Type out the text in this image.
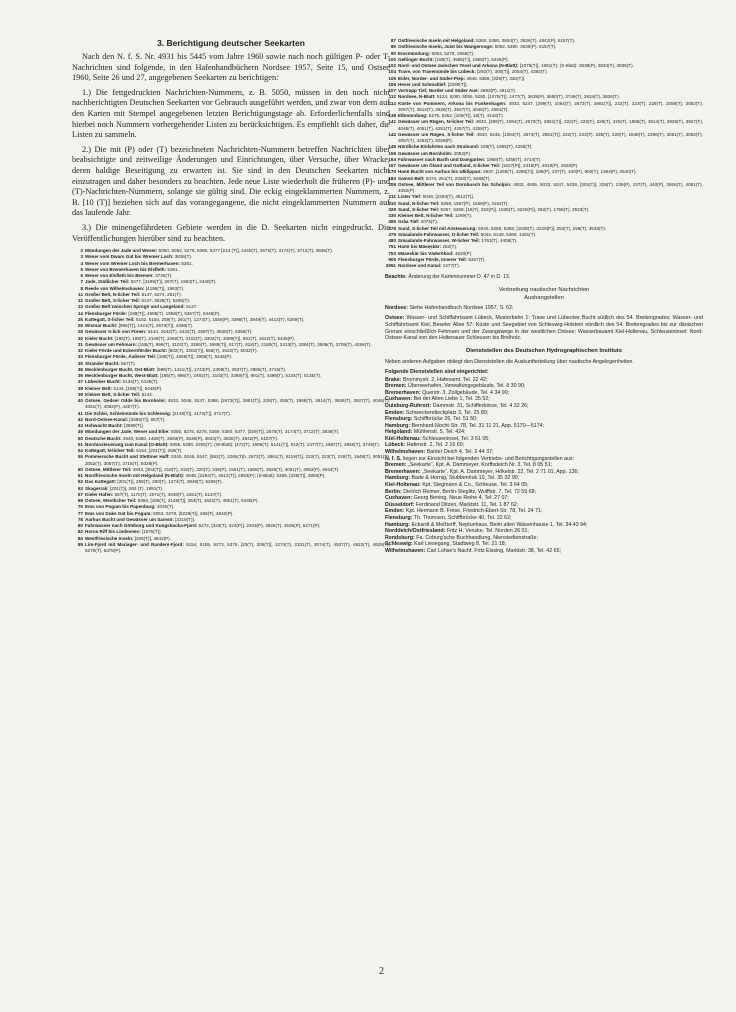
3. Berichtigung deutscher Seekarten

Nach den N. f. S. Nr. 4931 bis 5445 vom Jahre 1960 sowie nach noch gültigen P- oder T-Nachrichten sind folgende, in den Hafenhandbüchern Nordsee 1957, Seite 15, und Ostsee 1960, Seite 26 und 27, angegebenen Seekarten zu berichtigen:

1.) Die fettgedruckten Nachrichten-Nummern, z. B. 5050, müssen in den noch nicht nachberichtigten Deutschen Seekarten vor Gebrauch ausgeführt werden, und zwar von dem auf den Karten mit Stempel angegebenen letzten Berichtigungstage ab. Erforderlichenfalls sind hierbei noch Nummern vorhergehender Listen zu berücksichtigen. Es empfiehlt sich daher, die Listen zu sammeln.

2.) Die mit (P) oder (T) bezeichneten Nachrichten-Nummern betreffen Nachrichten über beabsichtigte und zeitweilige Änderungen und Einrichtungen, über Versuche, über Wracke, deren baldige Beseitigung zu erwarten ist. Sie sind in den Deutschen Seekarten nicht einzutragen und daher besonders zu beachten. Jede neue Liste wiederholt die früheren (P)- und (T)-Nachrichten-Nummern, solange sie gültig sind. Die eckig eingeklammerten Nummern, z. B. [10 (T)] beziehen sich auf das vorangegangene, die nicht eingeklammerten Nummern auf das laufende Jahr.

3.) Die minengefährdeten Gebiete werden in die D. Seekarten nicht eingedruckt. Die Veröffentlichungen hierüber sind zu beachten.

2 Mündungen der Jade und Weser: 5050, 5052, 5276, 5360, 5377 [213 (T)], 2440(T), 2575(T), 3174(T), 3712(T), 3836(T).
3 Weser vom Dwars Gat bis Wremer Loch: 3836(T).
4 Weser vom Wremer Loch bis Bremerhaven: 5361.
5 Weser von Bremerhaven bis Elsfleth: 5361.
6 Weser von Elsfleth bis Bremen: 3740(T).
7 Jade, Südlicher Teil: 5377, [4195(T)], 267(T), 1963(T), 2440(T).
8 Reede von Wilhelmshaven: [4195(T)], 1963(T).
11 Großer Belt, N-licher Teil: 5147, 5374, 251(T).
12 Großer Belt, S-licher Teil: 5147, 3628(T), 5265(T).
13 Großer Belt zwischen Sprogö und Langeland: 5147.
14 Flensburger Förde: [188(T)], 4585(T), 1958(T), 5367(T), 5445(P).
25 Kattegatt, S-licher Teil: 5152, 5154, 259(T), 261(T), 1274(T), 1558(P), 3398(T), 3949(T), 4413(T), 5269(T).
26 Wismar Bucht: [996(T)], 1421(T), 2673(T)], 4396(T).
28 Gewässer S-lich von Fünen: 5144, 1642(T), 2432(T), 2687(T), 3628(T), 5265(T).
30 Kieler Bucht: [185(T), 188(T), 2149(T), 2492(T), 3102(T), 3302(T), 3389(T)], 991(T), 1622(T), 5445(P).
31 Gewässer um Fehmarn: [185(T), 996(T), 3102(T), 3389(T), 3689(T)], 817(T), 818(T), 2180(T), 2413(T), 3384(T), 3506(T), 3709(T), 4259(T).
32 Kieler Förde und Eckernförder Bucht: [502(T), 3302(T)], 658(T), 1622(T), 5032(T).
33 Flensburger Förde, Äußerer Teil: [188(T)], 4585(T)], 1958(T), 5445(P).
35 Strander Bucht: 557(T).
36 Mecklenburger Bucht, Ost-Blatt: [996(T), 1421(T)], 1743(P), 2409(T), 2537(T), 2885(T), 4715(T).
36 Mecklenburger Bucht, West-Blatt: [185(T), 996(T), 2492(T), 3102(T), 3389(T)], 991(T), 4396(T), 5134(T), 5135(T).
37 Lübecker Bucht: 5134(T), 5135(T).
38 Kleiner Belt: 5144, [188(T)], 5445(P).
39 Kleiner Belt, S-licher Teil: 5144.
40 Ostsee, Gedser Odde bis Bornholm: 4933, 5046, 5247, 5368, [2673(T)], 2861(T)], 228(T), 253(T), 1968(T), 3614(T), 3926(T), 3927(T), 4046(T), 4051(T), 4052(P), 4257(T).
41 Die Schlei, Schleimünde bis Schleswig: [2149(T)], 4174(T)], 3717(T).
42 Nord-Ostsee-Kanal: [3485(T)], 657(T).
43 Hohwacht Bucht: [3689(T)].
49 Mündungen der Jade, Weser und Elbe: 5050, 5275, 5276, 5359, 5360, 5377, [329(T)], 2575(T), 3174(T), 3712(T), 3836(T).
50 Deutsche Bucht: 4948, 5380, 1469(T), 2893(P), 3639(P), 3834(T), 3836(T), 4842(P), 5157(T).
51 Nordansteuerung zum Kanal (O-Blatt): 5055, 5280. 2205(T): (W-Blatt): [472(T), 1986(T), 5141(T)], 912(T), 1477(T), 2587(T), 3650(T), 3749(T).
54 Kattegatt, N-licher Teil: 5154, [201(T)], 260(T).
55 Pommersche Bucht und Stettiner Haff: 5245, 5246, 5247, [552(T), 2265(T)b, 2673(T), 2861(T), 5119(T)], 222(T), 223(T), 228(T), 1848(T), 3051(T), 3052(T), 3057(T), 3715(T), 5028(P).
60 Ostsee, Mittlerer Teil: 4933, [303(T)], 218(T), 319(T), 320(T), 236(P), 1551(T), 1868(T), 3926(T), 4051(T), 4052(P), 4944(T).
61 Nordfriesische Inseln mit Helgoland (N-Blatt): 4948, [2284(T), 4612(T)], 2893(P); (S-Blatt): 5359, [329(T)], 2893(P).
62 Das Kattegatt: [201(T)], 259(T), 260(T), 1274(T), 3949(T), 5269(T).
63 Skagerrak: [201(T)], 260 (T), 1991(T).
67 Kieler Hafen: 657(T), 1170(T), 1971(T), 4049(T), 4261(T), 5137(T).
69 Ostsee, Westlicher Teil: 5368, [185(T), 2149(T)], 253(T), 1622(T), 4051(T), 5445(P).
76 Ems von Pogum bis Papenburg: 4040(T).
77 Ems von Duke Gat bis Pogum: 5053, 5278, [5229(T)], 268(T), 4842(P).
78 Aarhus Bucht und Gewässer um Samsö: [3318(T)].
80 Fahrwasser nach Göteborg und Kungsbacka-Fjord: 5272, [323(T), 324(P)], 2203(P), 3825(T), 4536(P), 5271(P).
82 Horns Riff bis Lindesnes: [1075(T)].
84 Westfriesische Inseln: [335(T)], 4842(P).
85 Lim-Fjord mit Mariager- und Randers-Fjord: 5154, 5155, 5273, 5376, [23(T), 205(T)], 1274(T), 2331(T), 3074(T), 4537(T), 4622(T), 4629(T), 5270(T), 5375(P).
87 Ostfriesische Inseln mit Helgoland: 5360, 5380, 3834(T), 3836(T), 4842(P), 5157(T).
89 Ostfriesische Inseln, Juist bis Wangerooge: 5052, 5380, 3639(P), 5157(T).
90 Emsmündung: 5053, 5278, 2958(T).
100 Geltinger Bucht: [188(T), 4585(T)], 1958(T), 5445(P).
102 Nord- und Ostsee zwischen Texel und Arkona (N-Blatt): [1075(T)], 1991(T); (S-Blatt): 3639(P), 3834(T), 3836(T).
104 Trave, von Travemünde bis Lübeck: [292(T), 300(T)], 2054(T), 4393(T).
105 Eider, Norder- und Süder-Piep: 4948, 5359, [329(T), 330(T)].
106 Hever und Schmaltief: [2290(T)].
107 Vortrapp Tief, Norder und Süder Aue: 2893(P), 4811(T).
112 Nordsee, N-Blatt: 5124, 5280, 5055, 5280, [1075(T)], 1477(T), 3639(P), 3650(T), 3749(T), 3834(T), 3836(T).
114 Küste von Pommern, Arkona bis Funkenhagen: 4933, 5247, [299(T), 1064(T), 2673(T), 2861(T)], 222(T), 223(T), 228(T), 2059(T), 3052(T), 3057(T), 3614(T), 3926(T), 3927(T), 4046(T), 4051(T).
138 Elbmündung: 5275, 5352, [105(T)], 16(T), 4418(T).
141 Gewässer um Rügen, N-licher Teil: 4933, [299(T), 1064(T), 2673(T), 2861(T)], 222(T), 223(T), 228(T), 229(T), 1965(T), 3614(T), 3926(T), 3927(T), 4046(T), 4051(T), 4253(T), 4257(T), 4258(T).
142 Gewässer um Rügen, S-licher Teil: 4933, 5245, [1064(T), 2673(T), 2861(T)], 222(T), 223(T), 225(T), 229(T), 1848(T), 2296(T), 3051(T), 3052(T), 3057(T), 4253(T), 5028(P).
145 Nördliche Einfahrten nach Stralsund: 229(T), 1965(T), 4258(T).
159 Gewässer um Bornholm: 4052(P).
164 Fahrwasser nach Barth und Damgarten: 1968(T), 4258(T), 4714(T).
167 Gewässer um Öland und Gotland, S-licher Teil: [1627(P)], 2418(P), 4519(P), 4820(P).
170 Hanö Bucht von Aarhus bis Utklippan: 4937, [1255(T), 4290(T)], 236(P), 237(T), 440(P), 900(T), 1364(P), 2540(T).
183 Samsö Belt: 5374, 251(T), 2328(T), 5269(T).
209 Ostsee, Mittlerer Teil von Dornbusch bis Scholpin: 4933, 4936, 5033, 5247, 5438, [303(T)], 228(T), 236(P), 237(T), 440(P), 3926(T), 4051(T), 4052(P).
211 Lister Tief: 5048, [2284(T), 4612(T)].
310 Sund, N-licher Teil: 5268, 1557(P), 1558(P), 3163(T).
329 Sund, S-licher Teil: 5267, 5268, [16(T), 322(P)], 1535(T), 3220(P)], 253(T), 1766(T), 3533(T).
330 Kleiner Belt, N-licher Teil: 1269(T).
385 Gråa Tief: 2075(T).
478 Sund, S-licher Teil mit Ansteuerung: 5046, 5268, 5368, [1535(T), 3220(P)], 253(T), 256(T), 3533(T).
479 Smaalands-Fahrwasser, O-licher Teil: 5044, 5148, 5368, 1461(T).
480 Smaalands-Fahrwasser, W-licher Teil: 1763(T), 4408(T).
751 Hanö bis Mäseskär: 262(T).
753 Mäseskär bis Väderöbod: 4630(P).
905 Flensburger Förde, Innerer Teil: 5367(T).
2651 Nordsee und Kanal: 1477(T).
Beachte: Änderung der Kartennummer D. 47 in D. 13.
Verbreitung nautischer Nachrichten
Aushangstellen

Nordsee: Siehe Hafenhandbuch Nordsee 1957, S. 62;

Ostsee: Wasser- und Schiffahrtsamt Lübeck, Musterbahn 1: Trave und Lübecker Bucht südlich des 54. Breitengrades; Wasser- und Schiffahrtsamt Kiel, Beseler Allee 57: Küste und Seegebiet von Schleswig-Holstein nördlich des 54. Breitengrades bis zur dänischen Grenze einschließlich Fehmarn und der Zwangswege in der westlichen Ostsee; Wasserbauamt Kiel-Holtenau, Schleuseninsel: Nord-Ostsee-Kanal von den Holtenauer Schleusen bis Brelholz.

Dienststellen des Deutschen Hydrographischen Instituts

Neben anderen Aufgaben obliegt den Dienststellen die Auskunfterteilung über nautische Angelegenheiten.

Folgende Dienststellen sind eingerichtet:
Brake: Brommystr. 2, Hafenamt, Tel. 22 42;
Bremen: Überseehafen, Verwaltungsgebäude, Tel. 8 30 90;
Bremerhaven: Querstr. 3, Zollgebäude, Tel. 4 34 90;
Cuxhaven: Bei der Alten Liebe 1, Tel. 35 52;
Duisburg-Ruhrort: Dammstr. 31, Schifferbörse, Tel. 4 32 26;
Emden: Schweckendieckplatz 3, Tel. 25 80;
Flensburg: Schiffbrücke 26, Tel. 51 50;
Hamburg: Bernhard-Nocht-Str. 78, Tel. 31 11 21, App. 5170—5174;
Helgoland: Mühlenstr. 5, Tel. 424;
Kiel-Holtenau: Schleuseninsel, Tel. 3 61 05;
Lübeck: Hafenstr. 2, Tel. 2 16 60;
Wilhelmshaven: Banter Deich 4, Tel. 2 44 37;
N. f. S. liegen zur Einsicht bei folgenden Vertriebs- und Berichtigungsstellen aus:
Bremen: „Seekarte“, Kpt. A. Dammeyer, Korffsdeich Nr. 3, Tel. 8 05 51;
Bremerhaven: „Seekarte“, Kpt. A. Dammeyer, Hökelstr. 22, Tel. 2 71 01, App. 136;
Hamburg: Bade & Hornig, Stubbenhuk 10, Tel. 35 32 90;
Kiel-Holtenau: Kpt. Stegmann & Co., Schleuse, Tel. 3 64 05;
Berlin: Dietrich Reimer, Berlin-Steglitz, Wulffstr. 7, Tel. 72 59 68;
Cuxhaven: Georg Bening, Neue Reihe 4, Tel. 27 07;
Düsseldorf: Ferdinand Ditzen, Marktstr. 11, Tel. 1 87 62;
Emden: Kpt. Hermann B. Frese, Friedrich-Ebert-Str. 78, Tel. 24 71;
Flensburg: Th. Thomsen, Schiffbrücke 40, Tel. 32 62;
Hamburg: Eckardt & Meßtorff, Neptunhaus, Beim alten Waisenhause 1, Tel. 34 43 94;
Norddeich/Ostfriesland: Fritz H. Venske, Tel. Norden 26 01;
Rendsburg: Fa. Coburg'sche Buchhandlung, Nienstedtenstraße;
Schleswig: Karl Liesegang, Stadtweg 8, Tel. 21 18;
Wilhelmshaven: Carl Lohse's Nachf. Fritz Eissing, Marktstr. 38, Tel. 42 65;
2
